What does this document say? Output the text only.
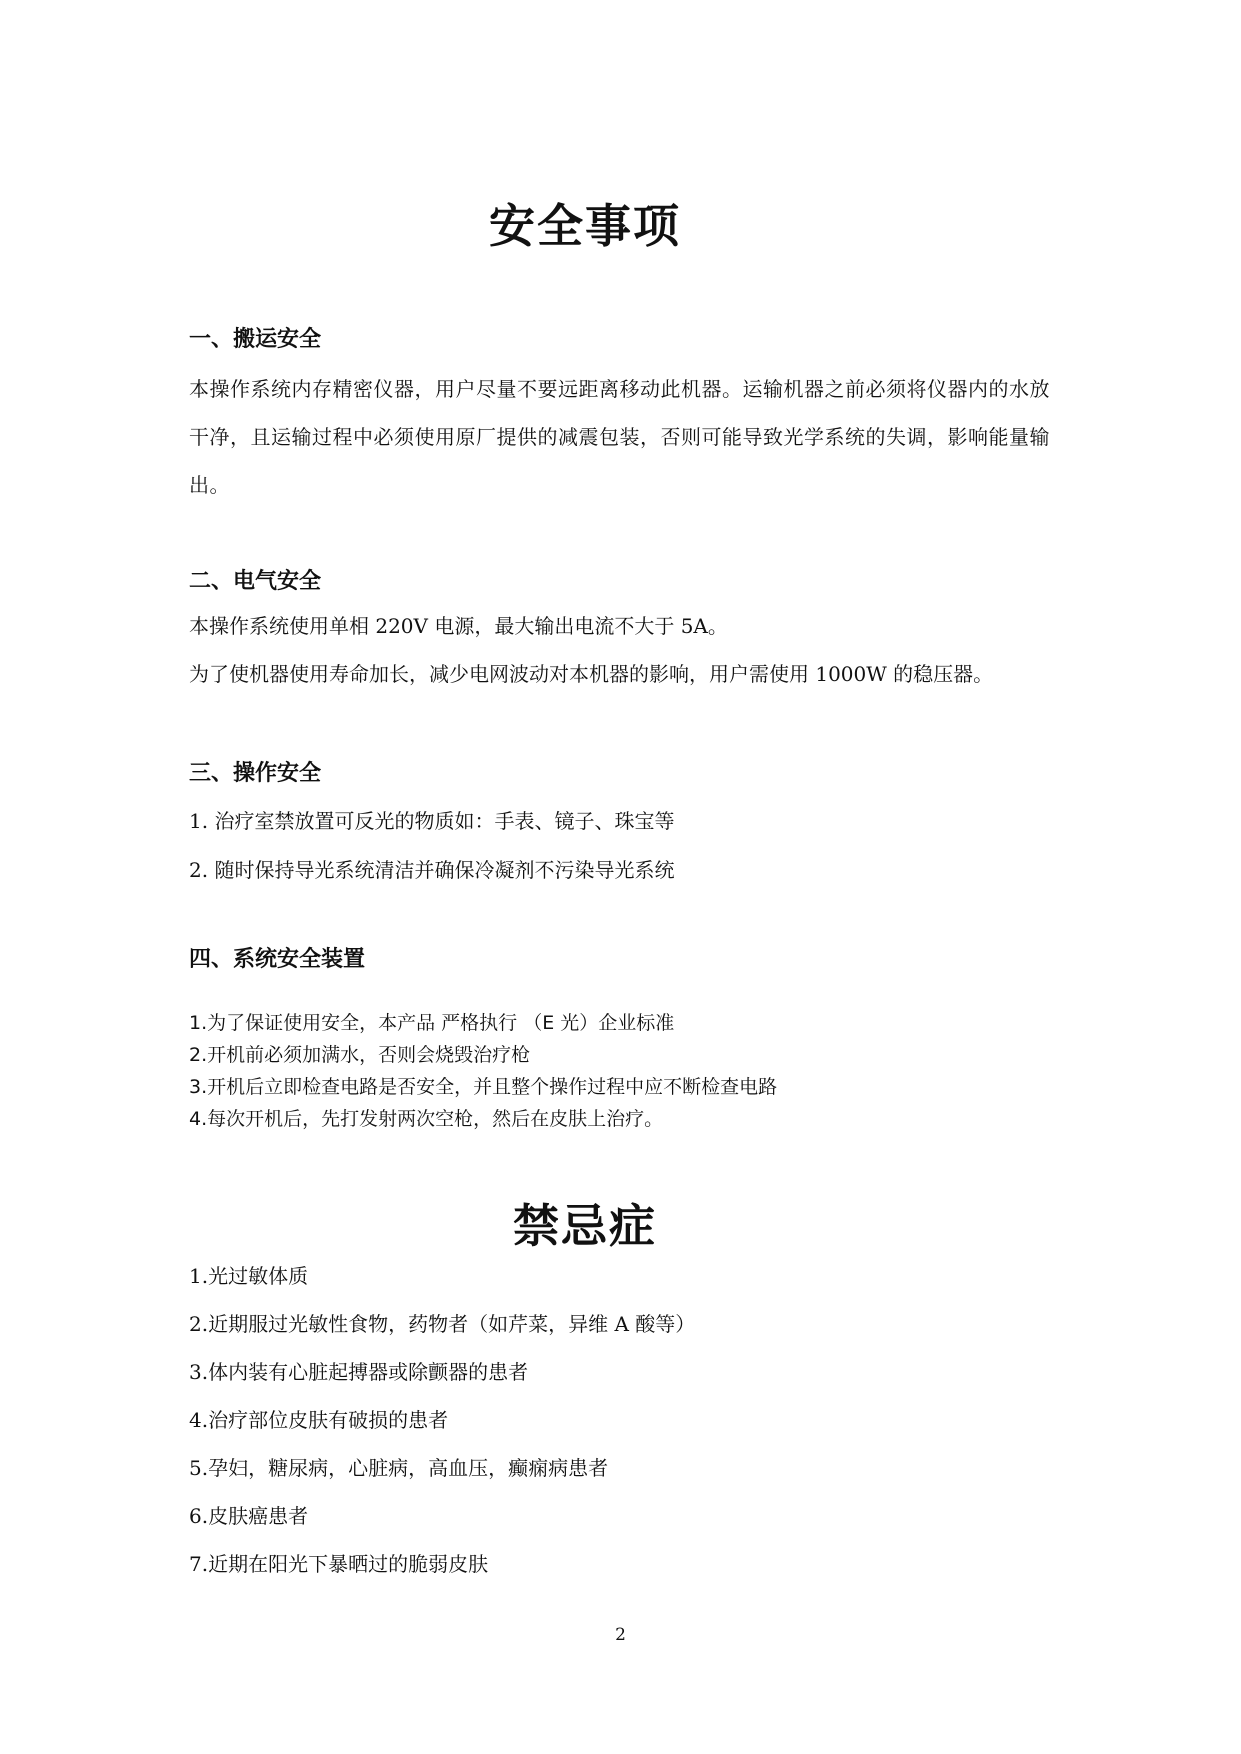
安全事项
一、搬运安全

本操作系统内存精密仪器，用户尽量不要远距离移动此机器。运输机器之前必须将仪器内的水放干净，且运输过程中必须使用原厂提供的减震包装，否则可能导致光学系统的失调，影响能量输出。

二、电气安全

本操作系统使用单相 220V 电源，最大输出电流不大于 5A。

为了使机器使用寿命加长，减少电网波动对本机器的影响，用户需使用 1000W 的稳压器。

三、操作安全

1. 治疗室禁放置可反光的物质如：手表、镜子、珠宝等

2. 随时保持导光系统清洁并确保冷凝剂不污染导光系统

四、系统安全装置

1.为了保证使用安全，本产品 严格执行 （E 光）企业标准

2.开机前必须加满水，否则会烧毁治疗枪

3.开机后立即检查电路是否安全，并且整个操作过程中应不断检查电路

4.每次开机后，先打发射两次空枪，然后在皮肤上治疗。

禁忌症

1.光过敏体质

2.近期服过光敏性食物，药物者（如芹菜，异维 A 酸等）

3.体内装有心脏起搏器或除颤器的患者

4.治疗部位皮肤有破损的患者

5.孕妇，糖尿病，心脏病，高血压，癫痫病患者

6.皮肤癌患者

7.近期在阳光下暴晒过的脆弱皮肤

2
